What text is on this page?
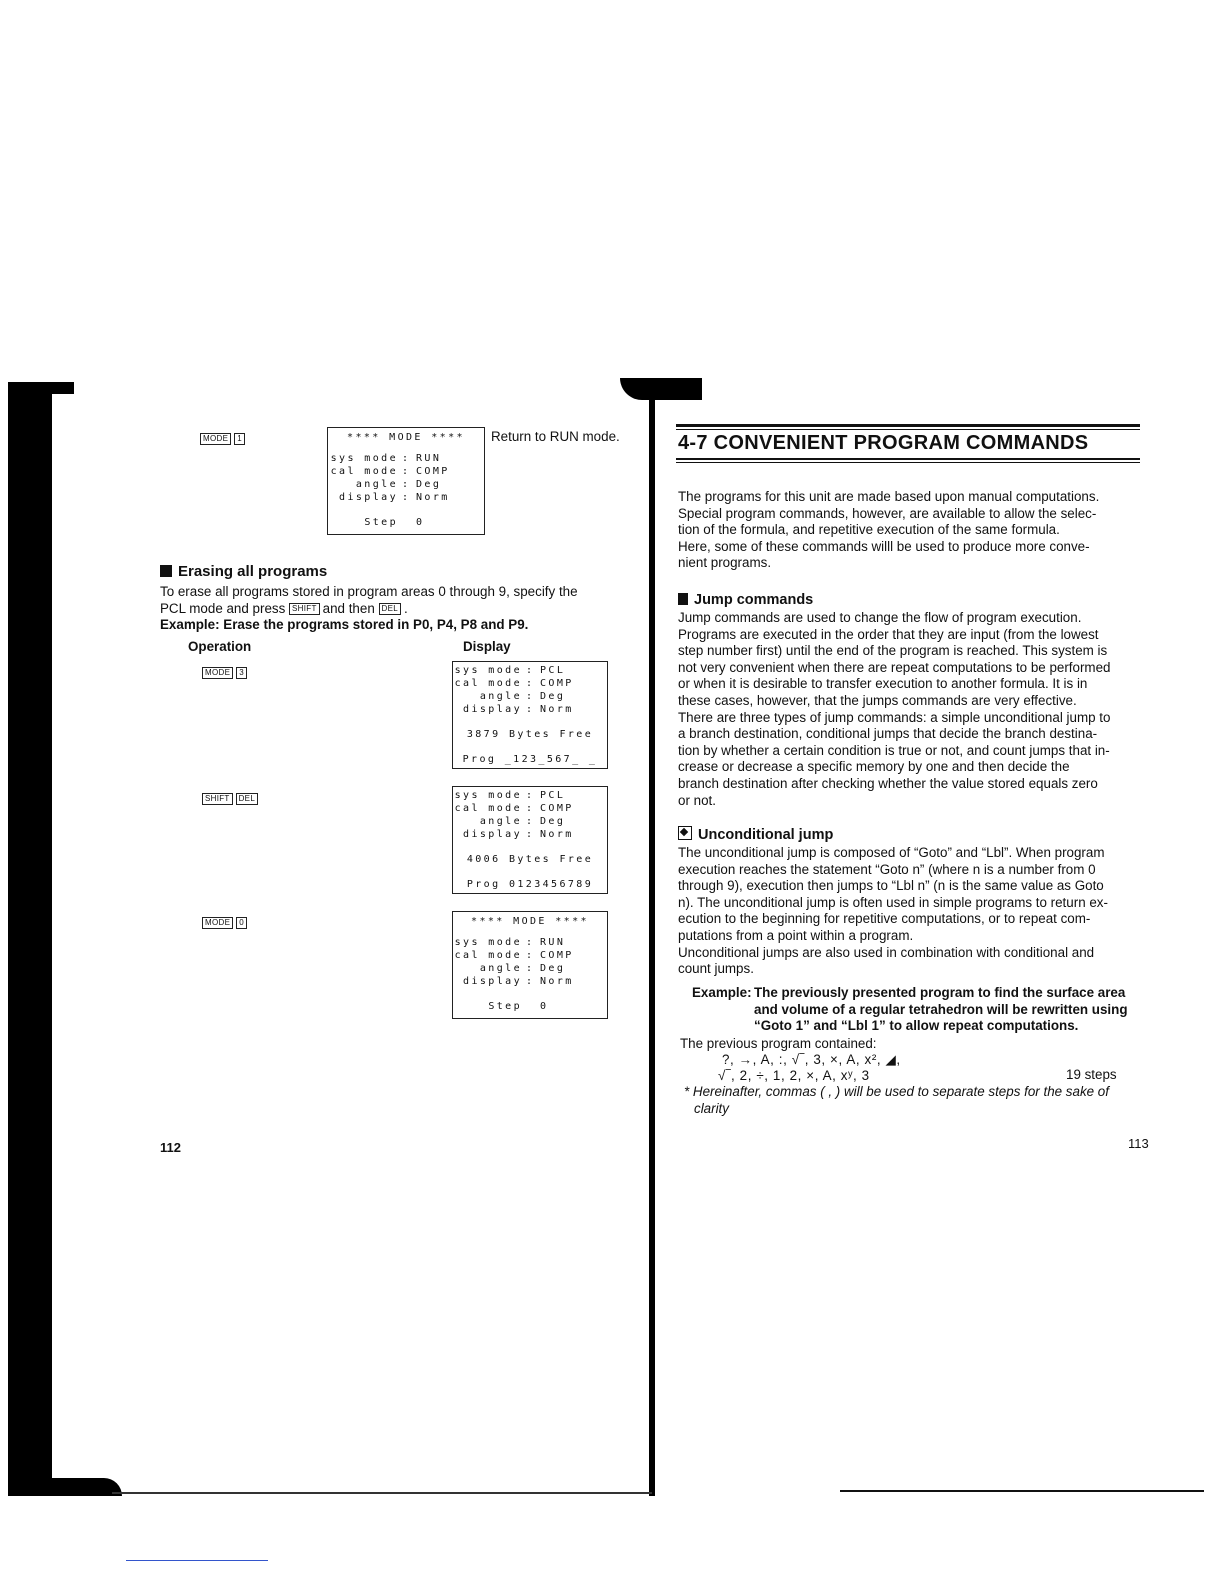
MODE 1	**** MODE ****
sys mode : RUN
cal mode : COMP
angle : Deg
display : Norm
Step 0
Return to RUN mode.
Erasing all programs
To erase all programs stored in program areas 0 through 9, specify the
PCL mode and press SHIFT and then DEL .
Example: Erase the programs stored in P0, P4, P8 and P9.
Operation	Display
MODE 3	sys mode : PCL
cal mode : COMP
angle : Deg
display : Norm
3879 Bytes Free
Prog _123_567_ _
SHIFT DEL	sys mode : PCL
cal mode : COMP
angle : Deg
display : Norm
4006 Bytes Free
Prog 0123456789
MODE 0	**** MODE ****
sys mode : RUN
cal mode : COMP
angle : Deg
display : Norm
Step 0
112
4-7 CONVENIENT PROGRAM COMMANDS
The programs for this unit are made based upon manual computations.
Special program commands, however, are available to allow the selec-
tion of the formula, and repetitive execution of the same formula.
Here, some of these commands willl be used to produce more conve-
nient programs.
Jump commands
Jump commands are used to change the flow of program execution.
Programs are executed in the order that they are input (from the lowest
step number first) until the end of the program is reached. This system is
not very convenient when there are repeat computations to be performed
or when it is desirable to transfer execution to another formula. It is in
these cases, however, that the jumps commands are very effective.
There are three types of jump commands: a simple unconditional jump to
a branch destination, conditional jumps that decide the branch destina-
tion by whether a certain condition is true or not, and count jumps that in-
crease or decrease a specific memory by one and then decide the
branch destination after checking whether the value stored equals zero
or not.
Unconditional jump
The unconditional jump is composed of “Goto” and “Lbl”. When program
execution reaches the statement “Goto n” (where n is a number from 0
through 9), execution then jumps to “Lbl n” (n is the same value as Goto
n). The unconditional jump is often used in simple programs to return ex-
ecution to the beginning for repetitive computations, or to repeat com-
putations from a point within a program.
Unconditional jumps are also used in combination with conditional and
count jumps.
Example: The previously presented program to find the surface area
and volume of a regular tetrahedron will be rewritten using
“Goto 1” and “Lbl 1” to allow repeat computations.
The previous program contained:
?, →, A, :, √‾, 3, ×, A, x², ◢,
√‾, 2, ÷, 1, 2, ×, A, xʸ, 3	19 steps
* Hereinafter, commas ( , ) will be used to separate steps for the sake of
clarity
113
